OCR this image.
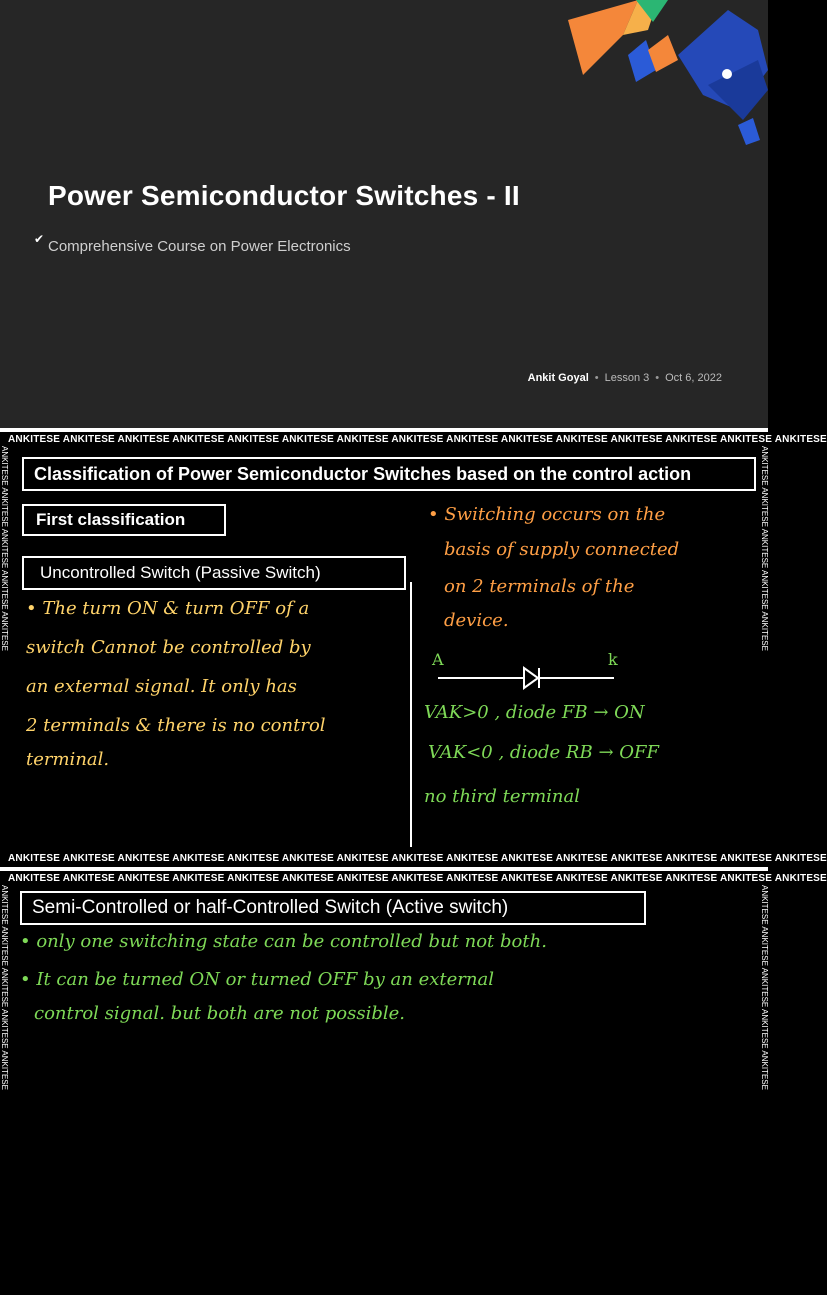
Power Semiconductor Switches - II
✔ Comprehensive Course on Power Electronics
Ankit Goyal • Lesson 3 • Oct 6, 2022
ANKITESE ANKITESE ANKITESE ANKITESE ANKITESE ANKITESE ANKITESE ANKITESE ANKITESE ANKITESE ANKITESE ANKITESE ANKITESE ANKITESE ANKITESE
ANKITESE ANKITESE ANKITESE ANKITESE ANKITESE	ANKITESE ANKITESE ANKITESE ANKITESE ANKITESE
Classification of Power Semiconductor Switches based on the control action
First classification
Uncontrolled Switch (Passive Switch)
• The turn ON & turn OFF of a
switch Cannot be controlled by
an external signal. It only has
2 terminals & there is no control
terminal.
• Switching occurs on the
basis of supply connected
on 2 terminals of the
device.
A	k
VAK>0 , diode FB → ON
VAK<0 , diode RB → OFF
no third terminal
ANKITESE ANKITESE ANKITESE ANKITESE ANKITESE ANKITESE ANKITESE ANKITESE ANKITESE ANKITESE ANKITESE ANKITESE ANKITESE ANKITESE ANKITESE
ANKITESE ANKITESE ANKITESE ANKITESE ANKITESE ANKITESE ANKITESE ANKITESE ANKITESE ANKITESE ANKITESE ANKITESE ANKITESE ANKITESE ANKITESE
ANKITESE ANKITESE ANKITESE ANKITESE ANKITESE	ANKITESE ANKITESE ANKITESE ANKITESE ANKITESE
Semi-Controlled or half-Controlled Switch (Active switch)
• only one switching state can be controlled but not both.
• It can be turned ON or turned OFF by an external
control signal. but both are not possible.
